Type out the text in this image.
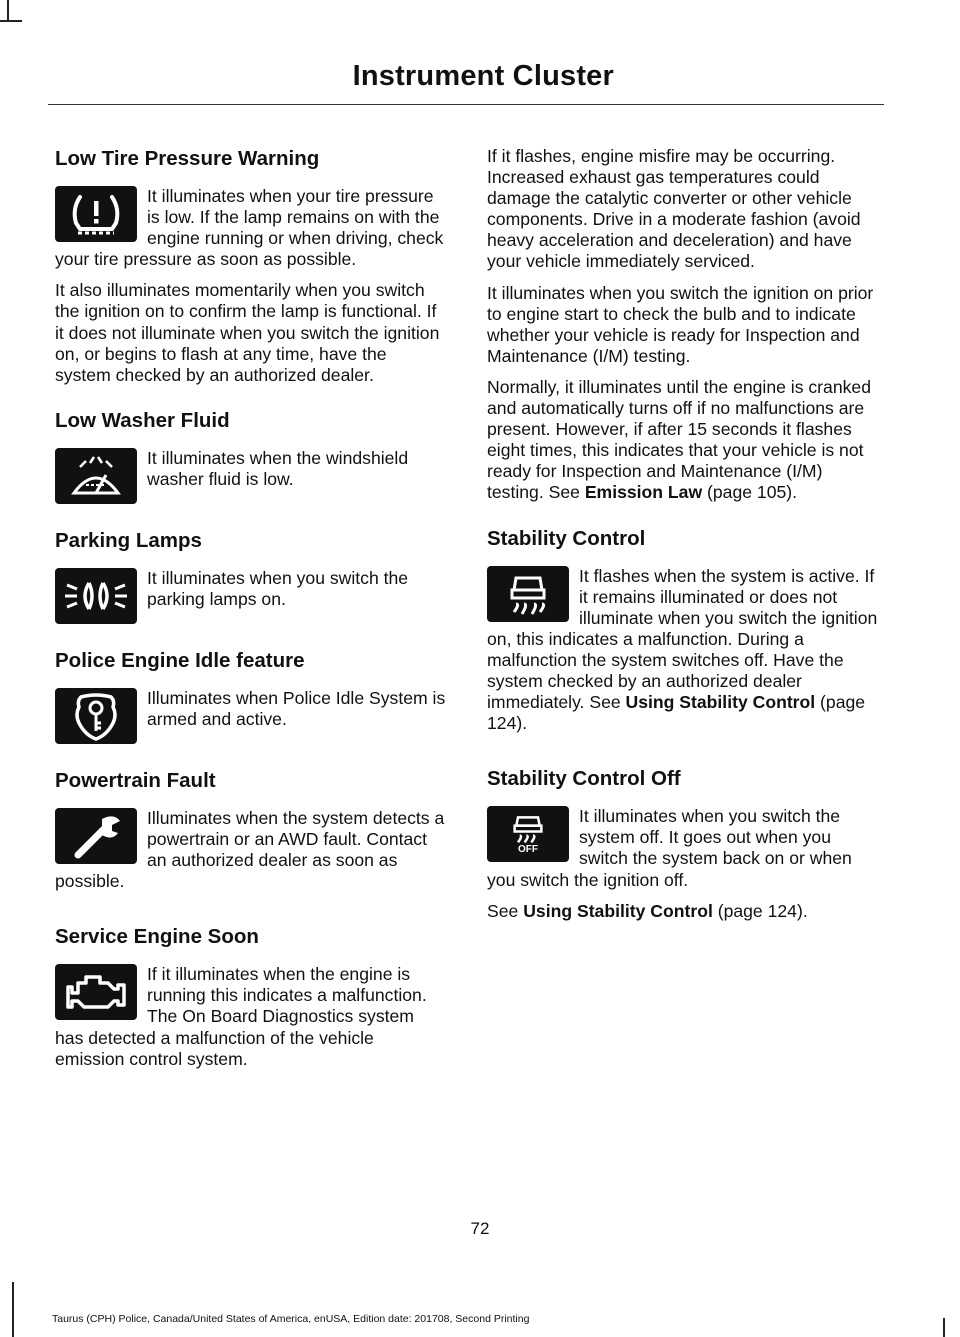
Instrument Cluster
Low Tire Pressure Warning

It illuminates when your tire pressure is low. If the lamp remains on with the engine running or when driving, check your tire pressure as soon as possible.

It also illuminates momentarily when you switch the ignition on to confirm the lamp is functional. If it does not illuminate when you switch the ignition on, or begins to flash at any time, have the system checked by an authorized dealer.

Low Washer Fluid

It illuminates when the windshield washer fluid is low.

Parking Lamps

It illuminates when you switch the parking lamps on.

Police Engine Idle feature

Illuminates when Police Idle System is armed and active.

Powertrain Fault

Illuminates when the system detects a powertrain or an AWD fault. Contact an authorized dealer as soon as possible.

Service Engine Soon

If it illuminates when the engine is running this indicates a malfunction. The On Board Diagnostics system has detected a malfunction of the vehicle emission control system.

If it flashes, engine misfire may be occurring. Increased exhaust gas temperatures could damage the catalytic converter or other vehicle components. Drive in a moderate fashion (avoid heavy acceleration and deceleration) and have your vehicle immediately serviced.

It illuminates when you switch the ignition on prior to engine start to check the bulb and to indicate whether your vehicle is ready for Inspection and Maintenance (I/M) testing.

Normally, it illuminates until the engine is cranked and automatically turns off if no malfunctions are present. However, if after 15 seconds it flashes eight times, this indicates that your vehicle is not ready for Inspection and Maintenance (I/M) testing. See Emission Law (page 105).

Stability Control

It flashes when the system is active. If it remains illuminated or does not illuminate when you switch the ignition on, this indicates a malfunction. During a malfunction the system switches off. Have the system checked by an authorized dealer immediately. See Using Stability Control (page 124).

Stability Control Off
OFF

It illuminates when you switch the system off. It goes out when you switch the system back on or when you switch the ignition off.

See Using Stability Control (page 124).

72
Taurus (CPH) Police, Canada/United States of America, enUSA, Edition date: 201708, Second Printing
